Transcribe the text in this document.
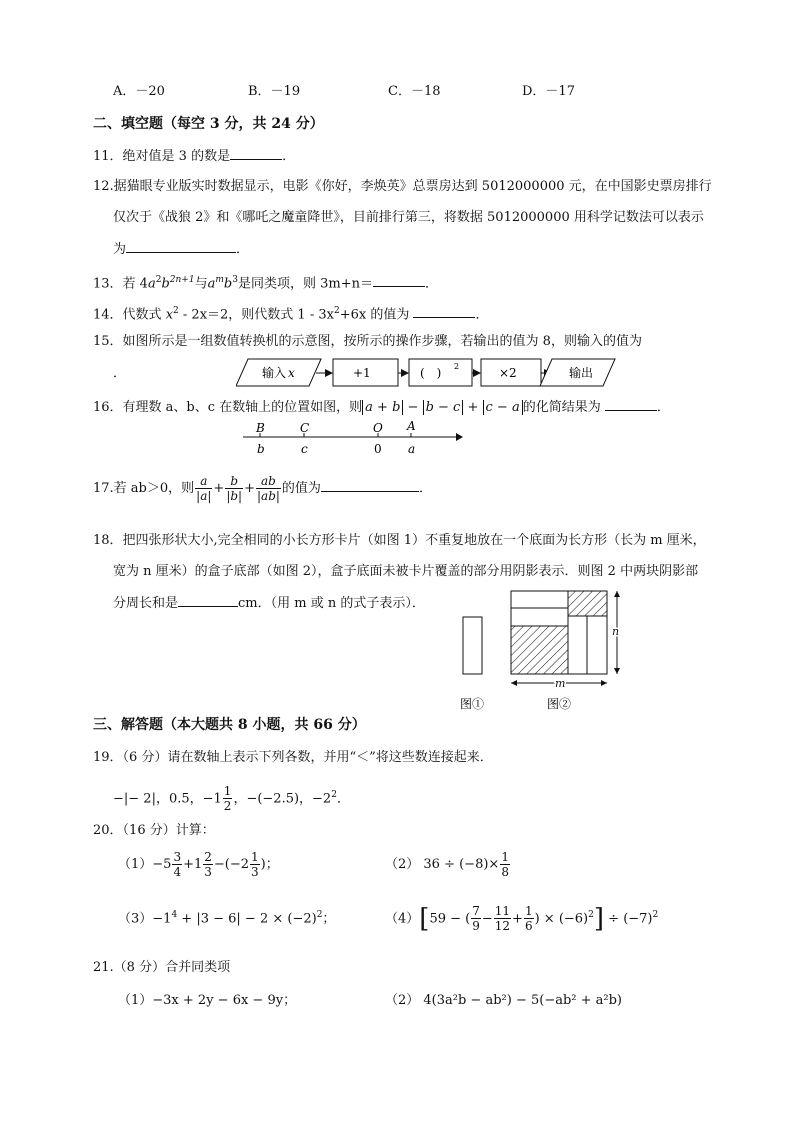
A．－20	B．－19	C．－18	D．－17
二、填空题（每空 3 分，共 24 分）
11．绝对值是 3 的数是	．
12.据猫眼专业版实时数据显示，电影《你好，李焕英》总票房达到 5012000000 元，在中国影史票房排行
仅次于《战狼 2》和《哪吒之魔童降世》，目前排行第三，将数据 5012000000 用科学记数法可以表示
为	．
13．若 $4a^2b^{2n+1}$与$a^mb^3$是同类项，则 3m+n＝	．
14．代数式 $x^2 - 2x=2$，则代数式 $1 - 3x^2+6x$ 的值为	．
15．如图所示是一组数值转换机的示意图，按所示的操作步骤，若输出的值为 8，则输入的值为
．	输入 x	+1	(　) 2	×2	输出
16．有理数 a、b、c 在数轴上的位置如图，则 a + b − b − c + c − a 的化简结果为	．
B	C	O A
b	c	0 a
17.若 ab＞0，则 $\frac{a}{|a|} + \frac{b}{|b|} + \frac{ab}{|ab|}$ 的值为	．
18．把四张形状大小,完全相同的小长方形卡片（如图 1）不重复地放在一个底面为长方形（长为 m 厘米，
宽为 n 厘米）的盒子底部（如图 2），盒子底面未被卡片覆盖的部分用阴影表示．则图 2 中两块阴影部
分周长和是	cm．（用 m 或 n 的式子表示）．
n
m
图①	图②
三、解答题（本大题共 8 小题，共 66 分）
19．（6 分）请在数轴上表示下列各数，并用“＜”将这些数连接起来．
−|− 2|，0.5，$-1 \frac{1}{2}$ ，−(−2.5)，$-2^2$．
20．（16 分）计算：
$(1)-5 \frac{3}{4} +1 \frac{2}{3} -(-2 \frac{1}{3}$ )；	（2） $36 \div (-8)\times \frac{1}{8}$
$(3)-1^4 + |3 - 6| - 2 \times (-2)^2$；	（4）[59 − ( $\frac{7}{9} - \frac{11}{12} + \frac{1}{6}$ ) × $(-6)^2] \div (-7)^2$
21.（8 分）合并同类项
（1）−3x + 2y − 6x − 9y；	（2） 4(3a²b − ab²) − 5(−ab² + a²b)
